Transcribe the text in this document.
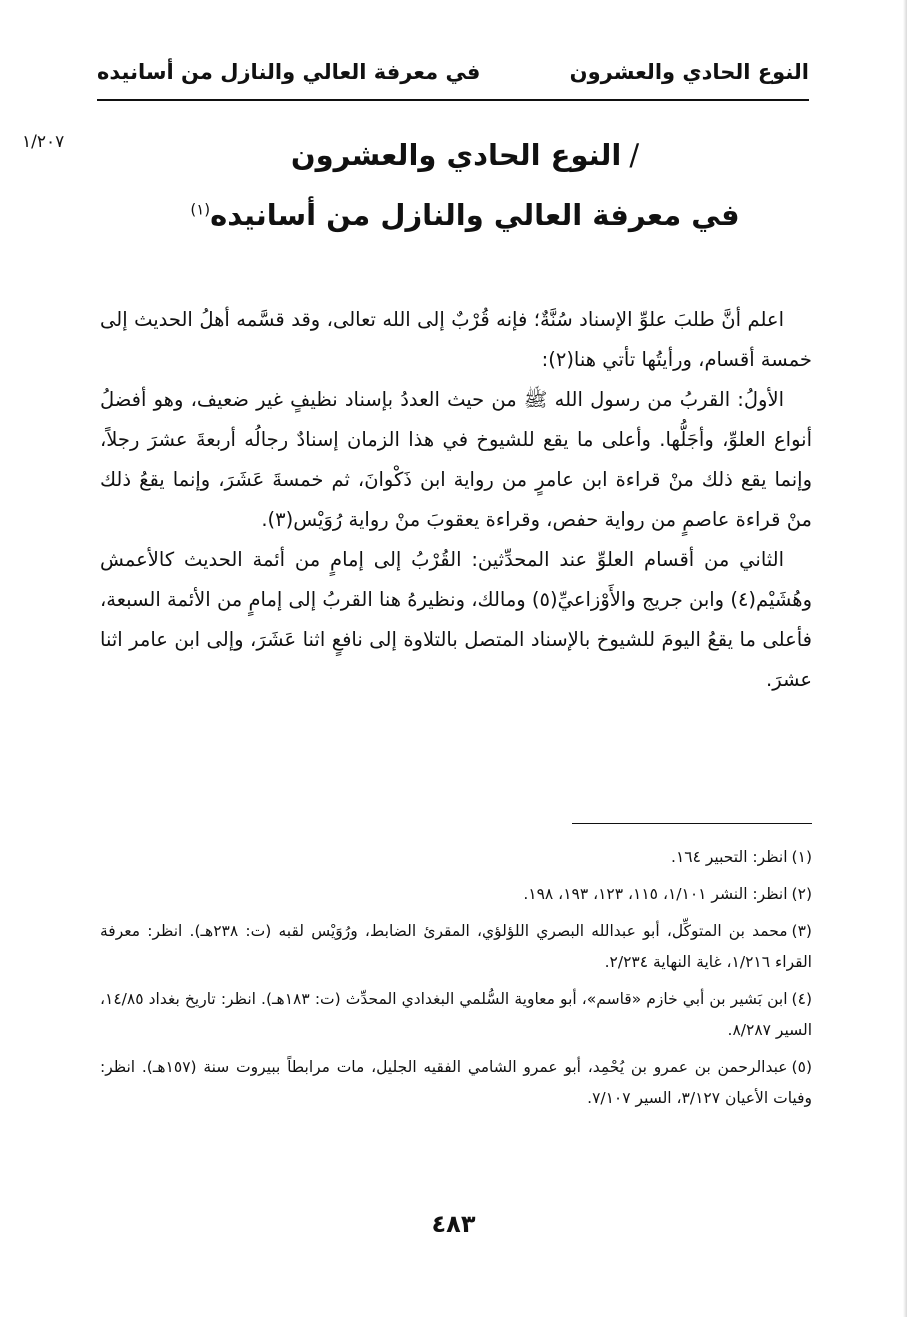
النوع الحادي والعشرون
في معرفة العالي والنازل من أسانيده
١/٢٠٧	/النوع الحادي والعشرون
في معرفة العالي والنازل من أسانيده$^{(١)}$

اعلم أنَّ طلبَ علوِّ الإسناد سُنَّةٌ؛ فإنه قُرْبٌ إلى الله تعالى، وقد قسَّمه أهلُ الحديث إلى خمسة أقسام، ورأيتُها تأتي هنا(٢):

الأولُ: القربُ من رسول الله ﷺ من حيث العددُ بإسناد نظيفٍ غير ضعيف، وهو أفضلُ أنواع العلوِّ، وأجَلُّها. وأعلى ما يقع للشيوخ في هذا الزمان إسنادٌ رجالُه أربعةَ عشرَ رجلاً، وإنما يقع ذلك منْ قراءة ابن عامرٍ من رواية ابن ذَكْوانَ، ثم خمسةَ عَشَرَ، وإنما يقعُ ذلك منْ قراءة عاصمٍ من رواية حفص، وقراءة يعقوبَ منْ رواية رُوَيْس(٣).

الثاني من أقسام العلوِّ عند المحدِّثين: القُرْبُ إلى إمامٍ من أئمة الحديث كالأعمش وهُشَيْم(٤) وابن جريج والأَوْزاعيِّ(٥) ومالك، ونظيرهُ هنا القربُ إلى إمامٍ من الأئمة السبعة، فأعلى ما يقعُ اليومَ للشيوخ بالإسناد المتصل بالتلاوة إلى نافعٍ اثنا عَشَرَ، وإلى ابن عامر اثنا عشرَ.

(١)انظر: التحبير ١٦٤.

(٢)انظر: النشر ١/١٠١، ١١٥، ١٢٣، ١٩٣، ١٩٨.

(٣)محمد بن المتوكِّل، أبو عبدالله البصري اللؤلؤي، المقرئ الضابط، ورُوَيْس لقبه (ت: ٢٣٨هـ). انظر: معرفة القراء ١/٢١٦، غاية النهاية ٢/٢٣٤.

(٤)ابن بَشير بن أبي خازم «قاسم»، أبو معاوية السُّلمي البغدادي المحدِّث (ت: ١٨٣هـ). انظر: تاريخ بغداد ١٤/٨٥، السير ٨/٢٨٧.

(٥)عبدالرحمن بن عمرو بن يُحْمِد، أبو عمرو الشامي الفقيه الجليل، مات مرابطاً ببيروت سنة (١٥٧هـ). انظر: وفيات الأعيان ٣/١٢٧، السير ٧/١٠٧.

٤٨٣
